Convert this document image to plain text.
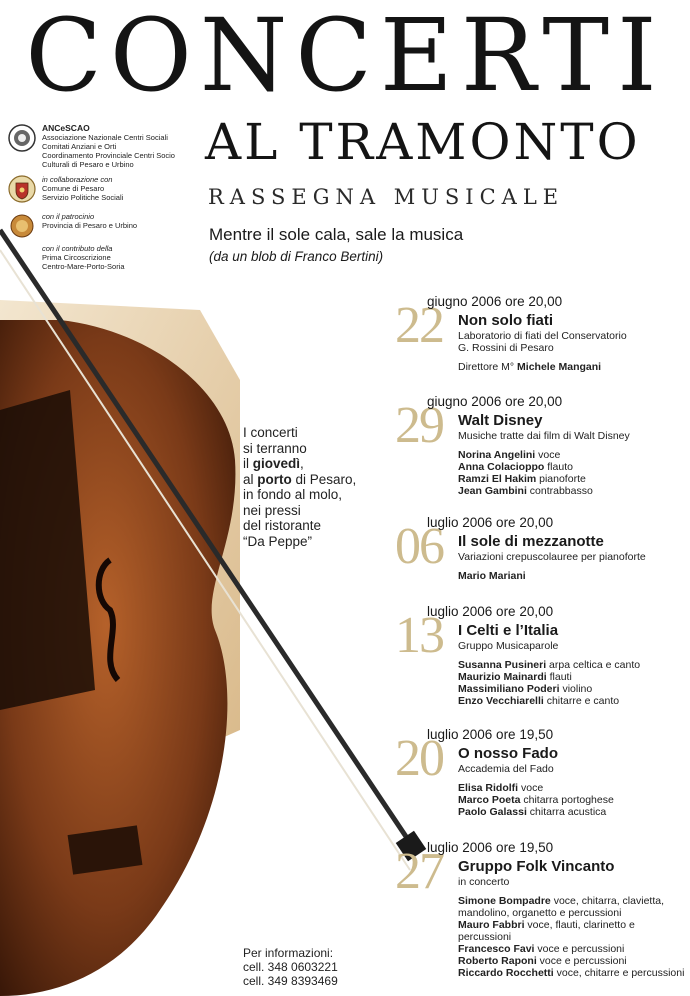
CONCERTI
AL TRAMONTO
RASSEGNA MUSICALE
Mentre il sole cala, sale la musica
(da un blob di Franco Bertini)
ANCeSCAO
Associazione Nazionale Centri Sociali
Comitati Anziani e Orti
Coordinamento Provinciale Centri Socio
Culturali di Pesaro e Urbino
in collaborazione con
Comune di Pesaro
Servizio Politiche Sociali
con il patrocinio
Provincia di Pesaro e Urbino
con il contributo della
Prima Circoscrizione
Centro-Mare-Porto-Soria
I concerti
si terranno
il giovedì,
al porto di Pesaro,
in fondo al molo,
nei pressi
del ristorante
“Da Peppe”
Per informazioni:
cell. 348 0603221
cell. 349 8393469
22
giugno 2006 ore 20,00
Non solo fiati
Laboratorio di fiati del Conservatorio
G. Rossini di Pesaro
Direttore M° Michele Mangani
29
giugno 2006 ore 20,00
Walt Disney
Musiche tratte dai film di Walt Disney
Norina Angelini voce
Anna Colacioppo flauto
Ramzi El Hakim pianoforte
Jean Gambini contrabbasso
06
luglio 2006 ore 20,00
Il sole di mezzanotte
Variazioni crepuscolauree per pianoforte
Mario Mariani
13
luglio 2006 ore 20,00
I Celti e l’Italia
Gruppo Musicaparole
Susanna Pusineri arpa celtica e canto
Maurizio Mainardi flauti
Massimiliano Poderi violino
Enzo Vecchiarelli chitarre e canto
20
luglio 2006 ore 19,50
O nosso Fado
Accademia del Fado
Elisa Ridolfi voce
Marco Poeta chitarra portoghese
Paolo Galassi chitarra acustica
27
luglio 2006 ore 19,50
Gruppo Folk Vincanto
in concerto
Simone Bompadre voce, chitarra, clavietta, mandolino, organetto e percussioni
Mauro Fabbri voce, flauti, clarinetto e percussioni
Francesco Favi voce e percussioni
Roberto Raponi voce e percussioni
Riccardo Rocchetti voce, chitarre e percussioni
